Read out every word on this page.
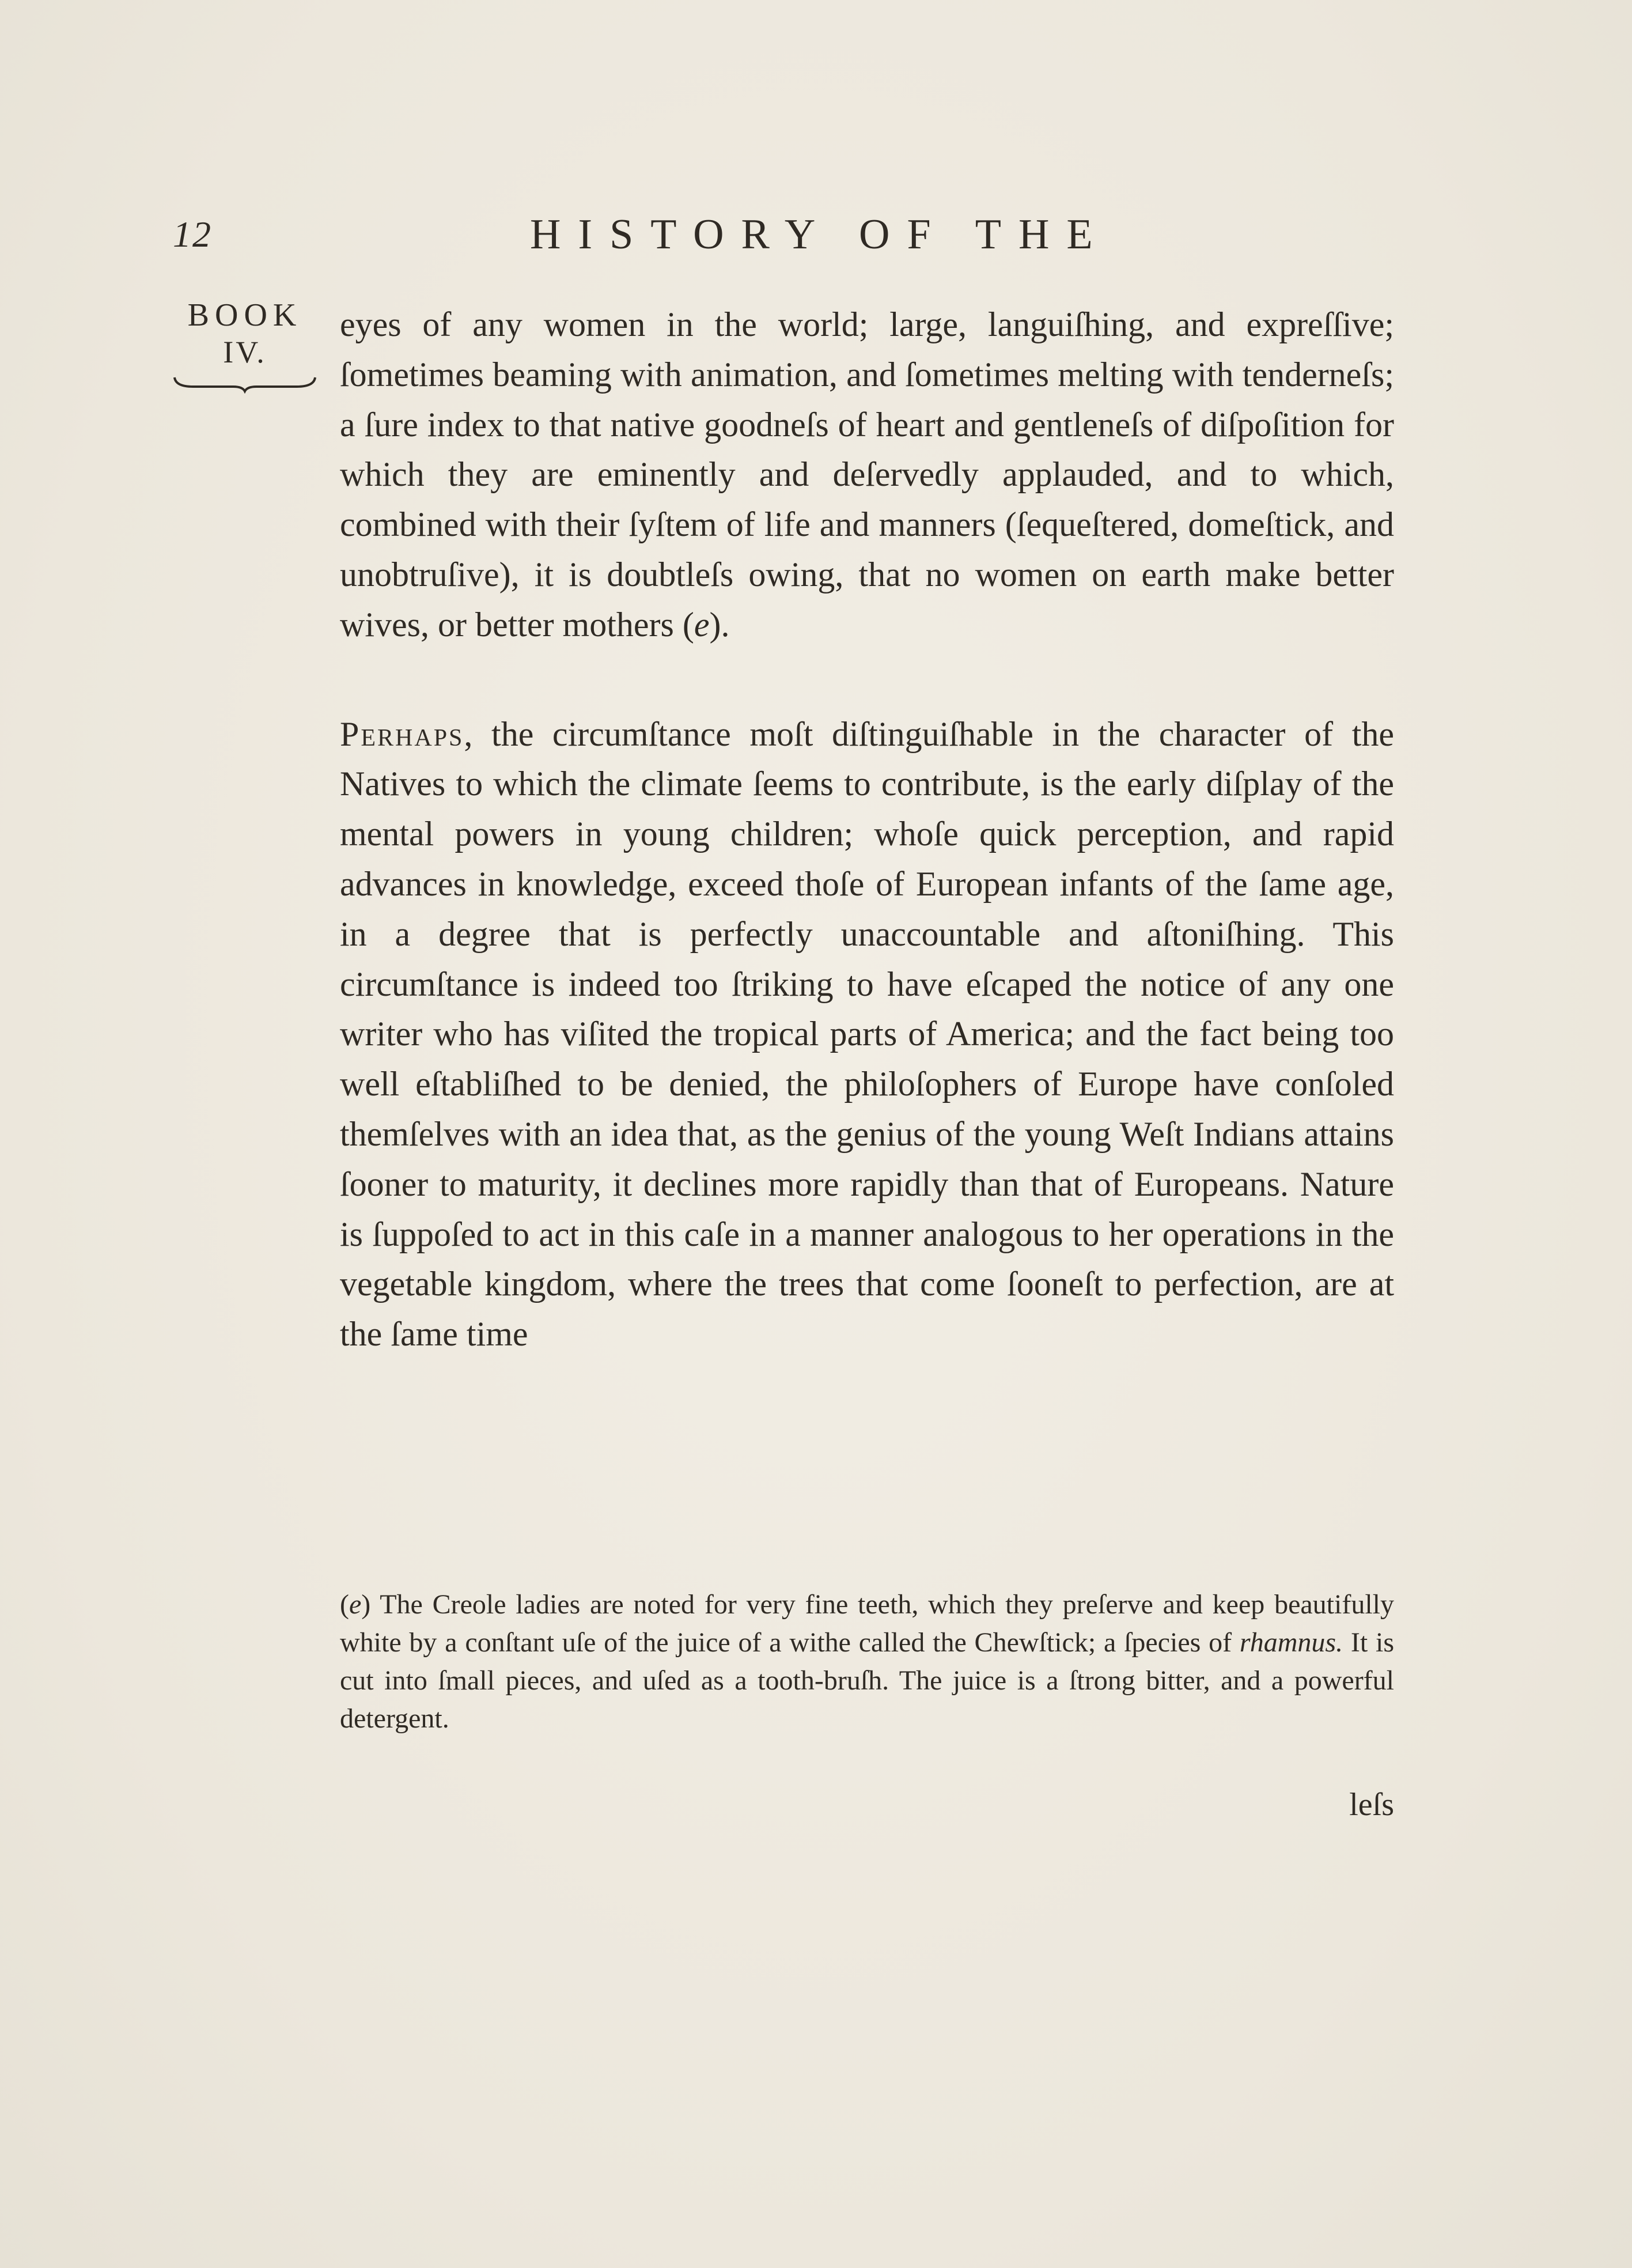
12	HISTORY OF THE
BOOK
IV.

eyes of any women in the world; large, languiſhing, and expreſſive; ſometimes beaming with animation, and ſometimes melting with tenderneſs; a ſure index to that native goodneſs of heart and gentleneſs of diſpoſition for which they are eminently and deſervedly applauded, and to which, combined with their ſyſtem of life and manners (ſequeſtered, domeſtick, and unobtruſive), it is doubtleſs owing, that no women on earth make better wives, or better mothers (e).

Perhaps, the circumſtance moſt diſtinguiſhable in the character of the Natives to which the climate ſeems to contribute, is the early diſplay of the mental powers in young children; whoſe quick perception, and rapid advances in knowledge, exceed thoſe of European infants of the ſame age, in a degree that is perfectly unaccountable and aſtoniſhing. This circumſtance is indeed too ſtriking to have eſcaped the notice of any one writer who has viſited the tropical parts of America; and the fact being too well eſtabliſhed to be denied, the philoſophers of Europe have conſoled themſelves with an idea that, as the genius of the young Weſt Indians attains ſooner to maturity, it declines more rapidly than that of Europeans. Nature is ſuppoſed to act in this caſe in a manner analogous to her operations in the vegetable kingdom, where the trees that come ſooneſt to perfection, are at the ſame time

(e) The Creole ladies are noted for very fine teeth, which they preſerve and keep beautifully white by a conſtant uſe of the juice of a withe called the Chewſtick; a ſpecies of rhamnus. It is cut into ſmall pieces, and uſed as a tooth-bruſh. The juice is a ſtrong bitter, and a powerful detergent.

leſs
